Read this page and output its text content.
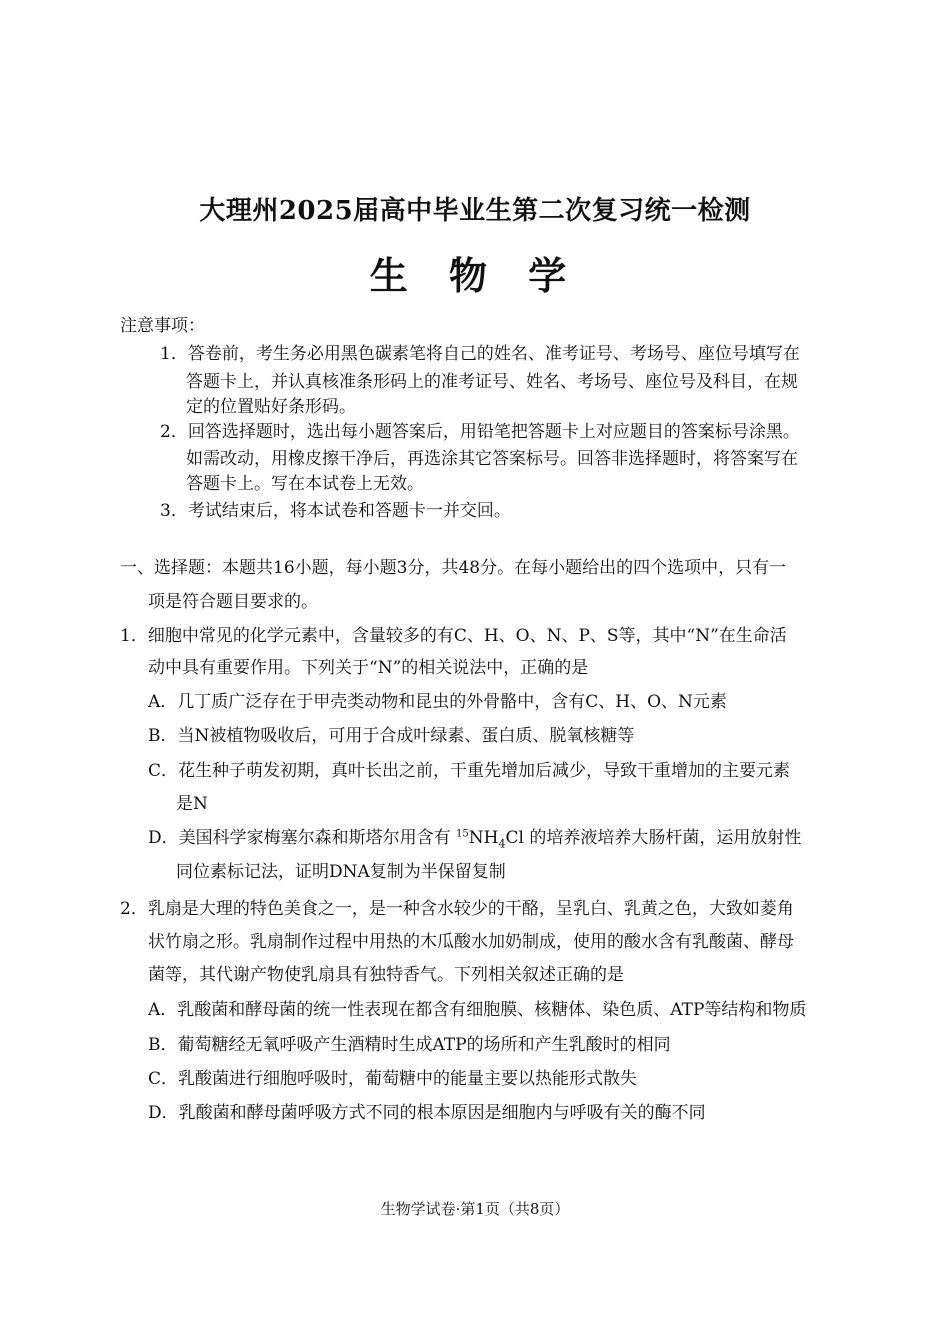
大理州2025届高中毕业生第二次复习统一检测
生 物 学
注意事项：
1．答卷前，考生务必用黑色碳素笔将自己的姓名、准考证号、考场号、座位号填写在
答题卡上，并认真核准条形码上的准考证号、姓名、考场号、座位号及科目，在规
定的位置贴好条形码。
2．回答选择题时，选出每小题答案后，用铅笔把答题卡上对应题目的答案标号涂黑。
如需改动，用橡皮擦干净后，再选涂其它答案标号。回答非选择题时，将答案写在
答题卡上。写在本试卷上无效。
3．考试结束后，将本试卷和答题卡一并交回。
一、选择题：本题共16小题，每小题3分，共48分。在每小题给出的四个选项中，只有一
项是符合题目要求的。
1．细胞中常见的化学元素中，含量较多的有C、H、O、N、P、S等，其中“N”在生命活
动中具有重要作用。下列关于“N”的相关说法中，正确的是
A．几丁质广泛存在于甲壳类动物和昆虫的外骨骼中，含有C、H、O、N元素
B．当N被植物吸收后，可用于合成叶绿素、蛋白质、脱氧核糖等
C．花生种子萌发初期，真叶长出之前，干重先增加后减少，导致干重增加的主要元素
是N
D．美国科学家梅塞尔森和斯塔尔用含有 $^{15}NH_4Cl$ 的培养液培养大肠杆菌，运用放射性
同位素标记法，证明DNA复制为半保留复制
2．乳扇是大理的特色美食之一，是一种含水较少的干酪，呈乳白、乳黄之色，大致如菱角
状竹扇之形。乳扇制作过程中用热的木瓜酸水加奶制成，使用的酸水含有乳酸菌、酵母
菌等，其代谢产物使乳扇具有独特香气。下列相关叙述正确的是
A．乳酸菌和酵母菌的统一性表现在都含有细胞膜、核糖体、染色质、ATP等结构和物质
B．葡萄糖经无氧呼吸产生酒精时生成ATP的场所和产生乳酸时的相同
C．乳酸菌进行细胞呼吸时，葡萄糖中的能量主要以热能形式散失
D．乳酸菌和酵母菌呼吸方式不同的根本原因是细胞内与呼吸有关的酶不同
生物学试卷·第1页（共8页）
